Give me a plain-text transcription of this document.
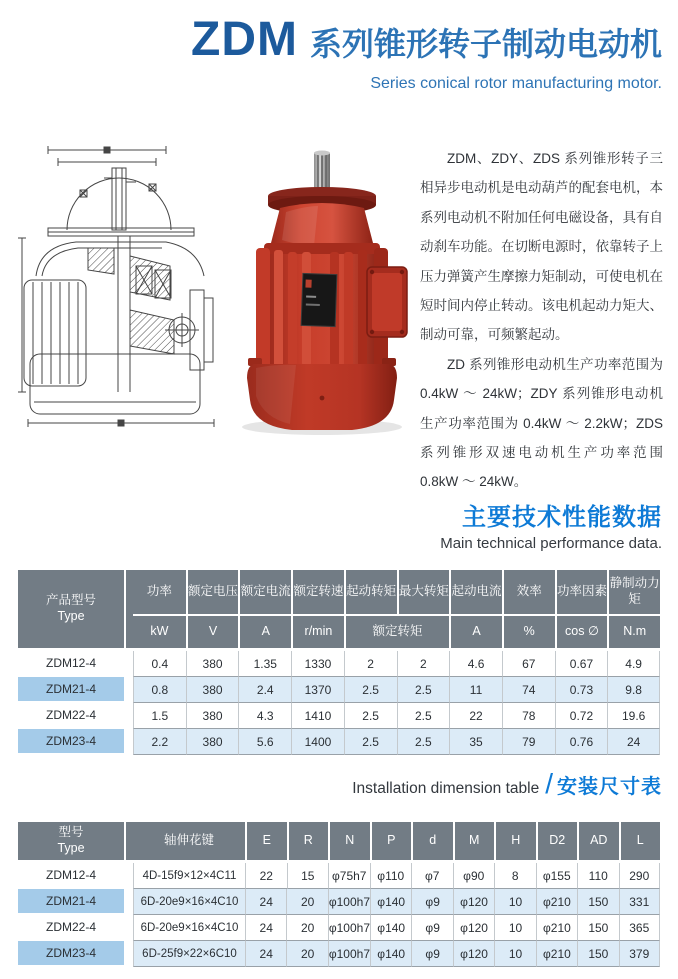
ZDM 系列锥形转子制动电动机
Series conical rotor manufacturing motor.

ZDM、ZDY、ZDS 系列锥形转子三相异步电动机是电动葫芦的配套电机，本系列电动机不附加任何电磁设备，具有自动刹车功能。在切断电源时，依靠转子上压力弹簧产生摩擦力矩制动，可使电机在短时间内停止转动。该电机起动力矩大、制动可靠，可频繁起动。

ZD 系列锥形电动机生产功率范围为 0.4kW ～ 24kW；ZDY 系列锥形电动机生产功率范围为 0.4kW ～ 2.2kW；ZDS 系列锥形双速电动机生产功率范围 0.8kW ～ 24kW。

主要技术性能数据
Main technical performance data.
产品型号
Type
功率	额定电压 额定电流 额定转速 起动转矩 最大转矩 起动电流	效率	功率因素
静制动力矩
kW	V	A	r/min	额定转矩	A	%	cos ∅	N.m
ZDM12-4	0.4	380	1.35	1330	2	2	4.6	67	0.67	4.9
ZDM21-4	0.8	380	2.4	1370	2.5	2.5	11	74	0.73	9.8
ZDM22-4	1.5	380	4.3	1410	2.5	2.5	22	78	0.72	19.6
ZDM23-4	2.2	380	5.6	1400	2.5	2.5	35	79	0.76	24
Installation dimension table / 安装尺寸表
型号
Type
轴伸花键	E	R	N	P	d	M	H	D2	AD	L
ZDM12-4	4D-15f9×12×4C11	22	15	φ75h7 φ110	φ7	φ90	8	φ155	110	290
ZDM21-4	6D-20e9×16×4C10	24	20	φ100h7 φ140	φ9	φ120	10	φ210	150	331
ZDM22-4	6D-20e9×16×4C10	24	20	φ100h7 φ140	φ9	φ120	10	φ210	150	365
ZDM23-4	6D-25f9×22×6C10	24	20	φ100h7 φ140	φ9	φ120	10	φ210	150	379
